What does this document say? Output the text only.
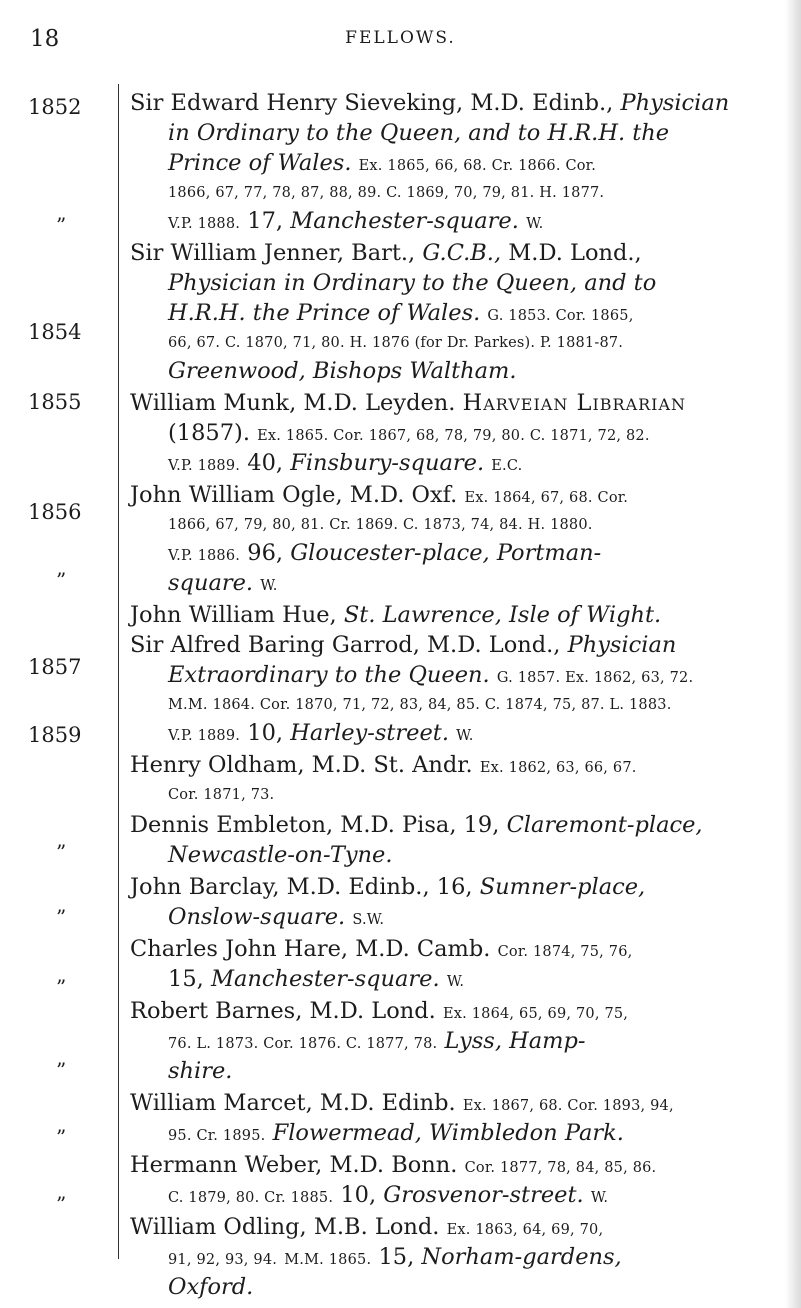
18	FELLOWS.
1852
1854
1855
1856
1857
1859
”
”
”
”
”
”
”
”
Sir Edward Henry Sieveking, M.D. Edinb., Physician
in Ordinary to the Queen, and to H.R.H. the
Prince of Wales. Ex. 1865, 66, 68. Cr. 1866. Cor.
1866, 67, 77, 78, 87, 88, 89. C. 1869, 70, 79, 81. H. 1877.
V.P. 1888. 17, Manchester-square. W.
Sir William Jenner, Bart., G.C.B., M.D. Lond.,
Physician in Ordinary to the Queen, and to
H.R.H. the Prince of Wales. G. 1853. Cor. 1865,
66, 67. C. 1870, 71, 80. H. 1876 (for Dr. Parkes). P. 1881-87.
Greenwood, Bishops Waltham.
William Munk, M.D. Leyden. Harveian Librarian
(1857). Ex. 1865. Cor. 1867, 68, 78, 79, 80. C. 1871, 72, 82.
V.P. 1889. 40, Finsbury-square. E.C.
John William Ogle, M.D. Oxf. Ex. 1864, 67, 68. Cor.
1866, 67, 79, 80, 81. Cr. 1869. C. 1873, 74, 84. H. 1880.
V.P. 1886. 96, Gloucester-place, Portman-
square. W.
John William Hue, St. Lawrence, Isle of Wight.
Sir Alfred Baring Garrod, M.D. Lond., Physician
Extraordinary to the Queen. G. 1857. Ex. 1862, 63, 72.
M.M. 1864. Cor. 1870, 71, 72, 83, 84, 85. C. 1874, 75, 87. L. 1883.
V.P. 1889. 10, Harley-street. W.
Henry Oldham, M.D. St. Andr. Ex. 1862, 63, 66, 67.
Cor. 1871, 73.
Dennis Embleton, M.D. Pisa, 19, Claremont-place,
Newcastle-on-Tyne.
John Barclay, M.D. Edinb., 16, Sumner-place,
Onslow-square. S.W.
Charles John Hare, M.D. Camb. Cor. 1874, 75, 76,
15, Manchester-square. W.
Robert Barnes, M.D. Lond. Ex. 1864, 65, 69, 70, 75,
76. L. 1873. Cor. 1876. C. 1877, 78. Lyss, Hamp-
shire.
William Marcet, M.D. Edinb. Ex. 1867, 68. Cor. 1893, 94,
95. Cr. 1895. Flowermead, Wimbledon Park.
Hermann Weber, M.D. Bonn. Cor. 1877, 78, 84, 85, 86.
C. 1879, 80. Cr. 1885. 10, Grosvenor-street. W.
William Odling, M.B. Lond. Ex. 1863, 64, 69, 70,
91, 92, 93, 94. M.M. 1865. 15, Norham-gardens,
Oxford.
